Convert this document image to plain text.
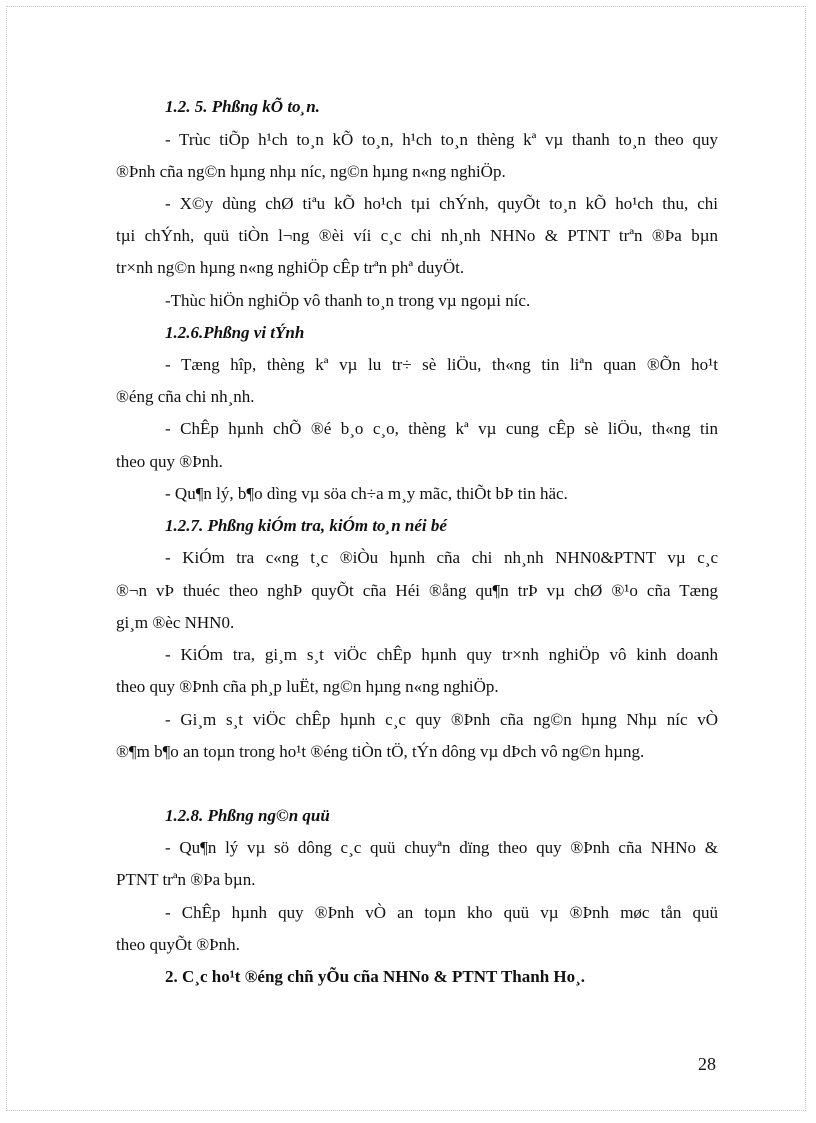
1.2. 5. Phßng kÕ to¸n.
- Trùc tiÕp h¹ch to¸n kÕ to¸n, h¹ch to¸n thèng kª vµ thanh to¸n theo quy
®Þnh cña ng©n hµng nhµ níc, ng©n hµng n«ng nghiÖp.
- X©y dùng chØ tiªu kÕ ho¹ch tµi chÝnh, quyÕt to¸n kÕ ho¹ch thu, chi
tµi chÝnh, quü tiÒn l¬ng ®èi víi c¸c chi nh¸nh NHNo & PTNT trªn ®Þa bµn
tr×nh ng©n hµng n«ng nghiÖp cÊp trªn phª duyÖt.
-Thùc hiÖn nghiÖp vô thanh to¸n trong vµ ngoµi níc.
1.2.6.Phßng vi tÝnh
- Tæng hîp, thèng kª vµ lu tr÷ sè liÖu, th«ng tin liªn quan ®Õn ho¹t
®éng cña chi nh¸nh.
- ChÊp hµnh chÕ ®é b¸o c¸o, thèng kª vµ cung cÊp sè liÖu, th«ng tin
theo quy ®Þnh.
- Qu¶n lý, b¶o dìng vµ söa ch÷a m¸y mãc, thiÕt bÞ tin häc.
1.2.7. Phßng kiÓm tra, kiÓm to¸n néi bé
- KiÓm tra c«ng t¸c ®iÒu hµnh cña chi nh¸nh NHN0&PTNT vµ c¸c
®¬n vÞ thuéc theo nghÞ quyÕt cña Héi ®ång qu¶n trÞ vµ chØ ®¹o cña Tæng
gi¸m ®èc NHN0.
- KiÓm tra, gi¸m s¸t viÖc chÊp hµnh quy tr×nh nghiÖp vô kinh doanh
theo quy ®Þnh cña ph¸p luËt, ng©n hµng n«ng nghiÖp.
- Gi¸m s¸t viÖc chÊp hµnh c¸c quy ®Þnh cña ng©n hµng Nhµ níc vÒ
®¶m b¶o an toµn trong ho¹t ®éng tiÒn tÖ, tÝn dông vµ dÞch vô ng©n hµng.
1.2.8. Phßng ng©n quü
- Qu¶n lý vµ sö dông c¸c quü chuyªn dïng theo quy ®Þnh cña NHNo &
PTNT trªn ®Þa bµn.
- ChÊp hµnh quy ®Þnh vÒ an toµn kho quü vµ ®Þnh møc tån quü
theo quyÕt ®Þnh.
2. C¸c ho¹t ®éng chñ yÕu cña NHNo & PTNT Thanh Ho¸.
28
